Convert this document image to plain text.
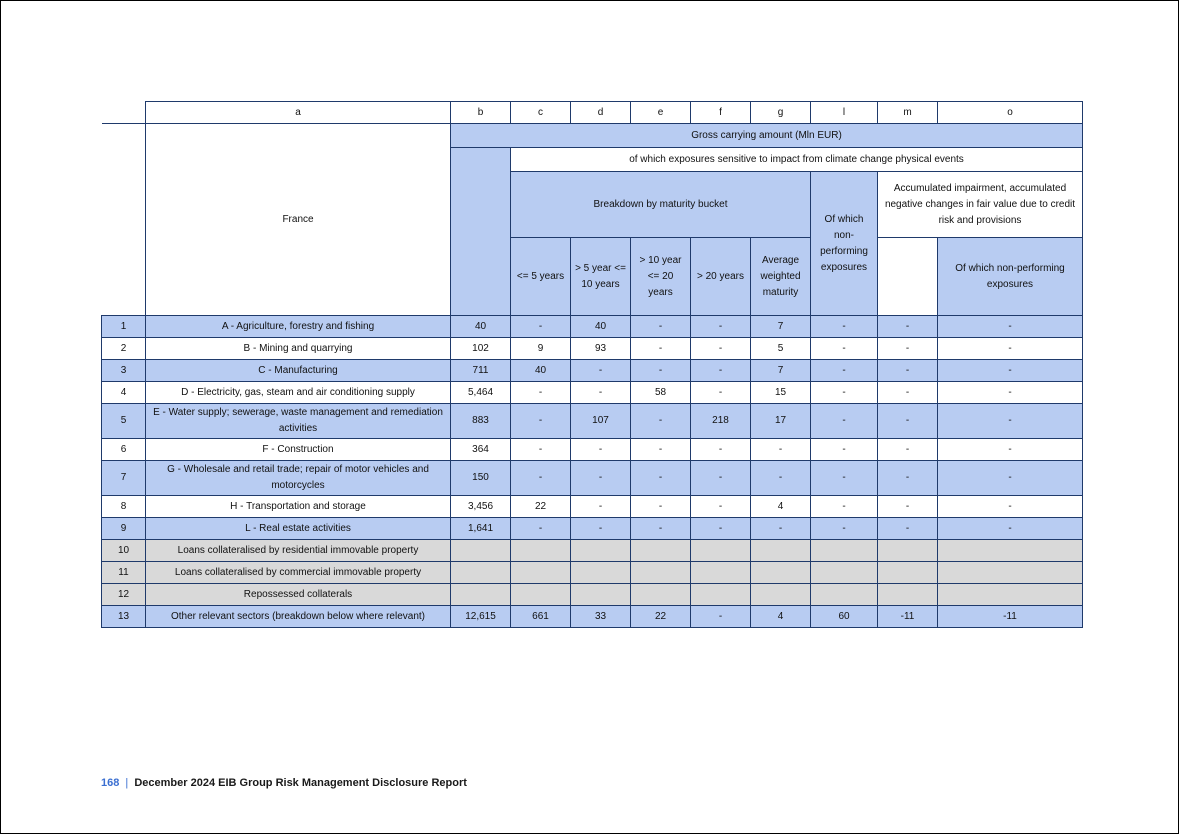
	a	b	c	d	e	f	g	l	m	o
	France	Gross carrying amount (Mln EUR)								
			of which exposures sensitive to impact from climate change physical events							
			Breakdown by maturity bucket					Of which non-performing exposures	Accumulated impairment, accumulated negative changes in fair value due to credit risk and provisions	
			<= 5 years	> 5 year <= 10 years	> 10 year <= 20 years	> 20 years	Average weighted maturity			Of which non-performing exposures
1	A - Agriculture, forestry and fishing	40	-	40	-	-	7	-	-	-
2	B - Mining and quarrying	102	9	93	-	-	5	-	-	-
3	C - Manufacturing	711	40	-	-	-	7	-	-	-
4	D - Electricity, gas, steam and air conditioning supply	5,464	-	-	58	-	15	-	-	-
5	E - Water supply; sewerage, waste management and remediation activities	883	-	107	-	218	17	-	-	-
6	F - Construction	364	-	-	-	-	-	-	-	-
7	G - Wholesale and retail trade; repair of motor vehicles and motorcycles	150	-	-	-	-	-	-	-	-
8	H - Transportation and storage	3,456	22	-	-	-	4	-	-	-
9	L - Real estate activities	1,641	-	-	-	-	-	-	-	-
10	Loans collateralised by residential immovable property									
11	Loans collateralised by commercial immovable property									
12	Repossessed collaterals									
13	Other relevant sectors (breakdown below where relevant)	12,615	661	33	22	-	4	60	-11	-11
168 | December 2024 EIB Group Risk Management Disclosure Report
